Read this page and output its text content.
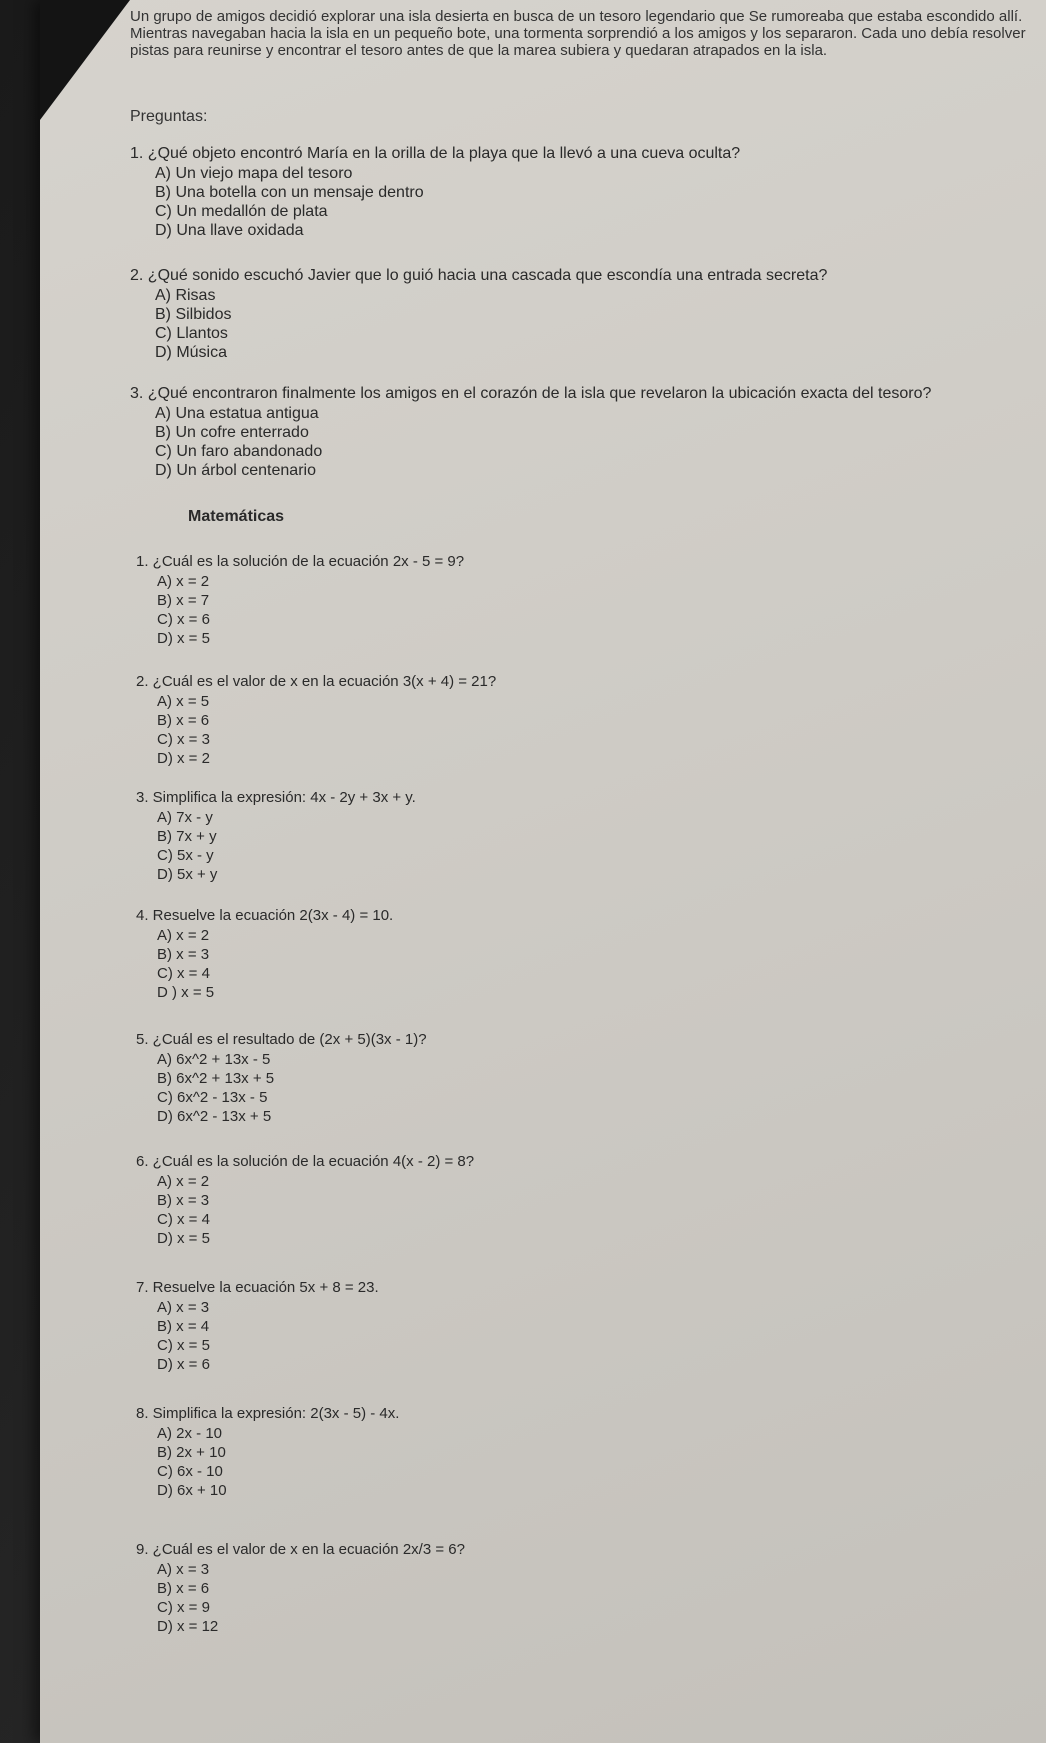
Un grupo de amigos decidió explorar una isla desierta en busca de un tesoro legendario que Se rumoreaba que estaba escondido allí. Mientras navegaban hacia la isla en un pequeño bote, una tormenta sorprendió a los amigos y los separaron. Cada uno debía resolver pistas para reunirse y encontrar el tesoro antes de que la marea subiera y quedaran atrapados en la isla.
Preguntas:
1. ¿Qué objeto encontró María en la orilla de la playa que la llevó a una cueva oculta?
A) Un viejo mapa del tesoro
B) Una botella con un mensaje dentro
C) Un medallón de plata
D) Una llave oxidada
2. ¿Qué sonido escuchó Javier que lo guió hacia una cascada que escondía una entrada secreta?
A) Risas
B) Silbidos
C) Llantos
D) Música
3. ¿Qué encontraron finalmente los amigos en el corazón de la isla que revelaron la ubicación exacta del tesoro?
A) Una estatua antigua
B) Un cofre enterrado
C) Un faro abandonado
D) Un árbol centenario
Matemáticas
1. ¿Cuál es la solución de la ecuación 2x - 5 = 9?
A) x = 2
B) x = 7
C) x = 6
D) x = 5
2. ¿Cuál es el valor de x en la ecuación 3(x + 4) = 21?
A) x = 5
B) x = 6
C) x = 3
D) x = 2
3. Simplifica la expresión: 4x - 2y + 3x + y.
A) 7x - y
B) 7x + y
C) 5x - y
D) 5x + y
4. Resuelve la ecuación 2(3x - 4) = 10.
A) x = 2
B) x = 3
C) x = 4
D ) x = 5
5. ¿Cuál es el resultado de (2x + 5)(3x - 1)?
A) 6x^2 + 13x - 5
B) 6x^2 + 13x + 5
C) 6x^2 - 13x - 5
D) 6x^2 - 13x + 5
6. ¿Cuál es la solución de la ecuación 4(x - 2) = 8?
A) x = 2
B) x = 3
C) x = 4
D) x = 5
7. Resuelve la ecuación 5x + 8 = 23.
A) x = 3
B) x = 4
C) x = 5
D) x = 6
8. Simplifica la expresión: 2(3x - 5) - 4x.
A) 2x - 10
B) 2x + 10
C) 6x - 10
D) 6x + 10
9. ¿Cuál es el valor de x en la ecuación 2x/3 = 6?
A) x = 3
B) x = 6
C) x = 9
D) x = 12
